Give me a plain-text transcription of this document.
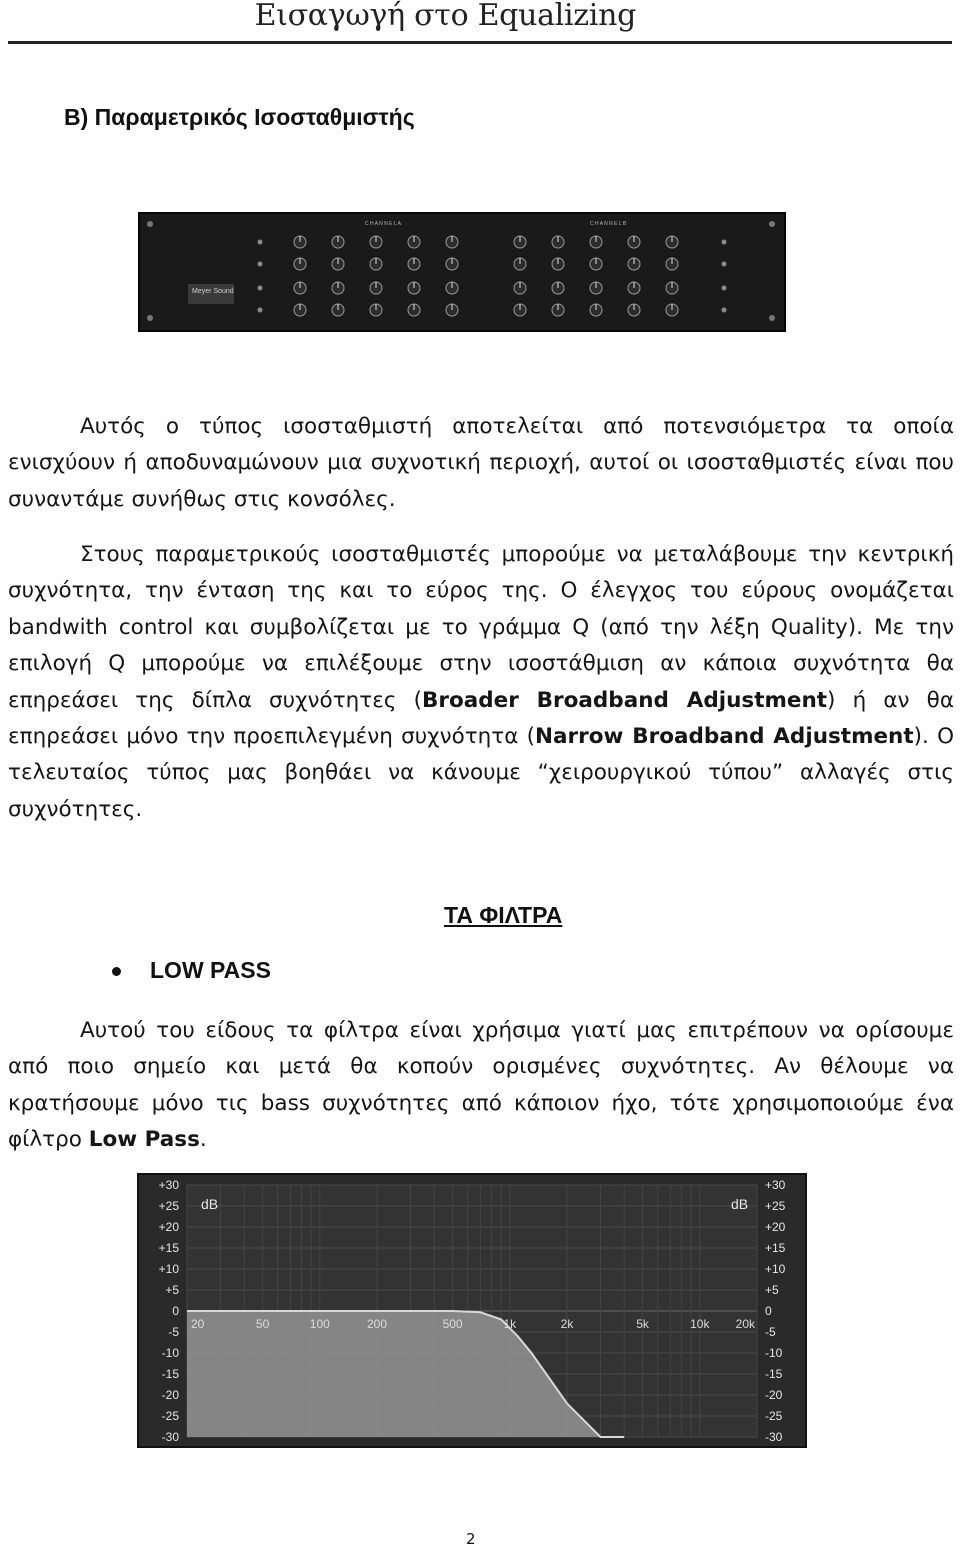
Εισαγωγή στο Equalizing
B) Παραμετρικός Ισοσταθμιστής
Meyer Sound
C H A N N E L A	C H A N N E L B

Αυτός ο τύπος ισοσταθμιστή αποτελείται από ποτενσιόμετρα τα οποία ενισχύουν ή αποδυναμώνουν μια συχνοτική περιοχή, αυτοί οι ισοσταθμιστές είναι που συναντάμε συνήθως στις κονσόλες.

Στους παραμετρικούς ισοσταθμιστές μπορούμε να μεταλάβουμε την κεντρική συχνότητα, την ένταση της και το εύρος της. Ο έλεγχος του εύρους ονομάζεται bandwith control και συμβολίζεται με το γράμμα Q (από την λέξη Quality). Με την επιλογή Q μπορούμε να επιλέξουμε στην ισοστάθμιση αν κάποια συχνότητα θα επηρεάσει της δίπλα συχνότητες (Broader Broadband Adjustment) ή αν θα επηρεάσει μόνο την προεπιλεγμένη συχνότητα (Narrow Broadband Adjustment). Ο τελευταίος τύπος μας βοηθάει να κάνουμε “χειρουργικού τύπου” αλλαγές στις συχνότητες.

ΤΑ ΦΙΛΤΡΑ
LOW PASS

Αυτού του είδους τα φίλτρα είναι χρήσιμα γιατί μας επιτρέπουν να ορίσουμε από ποιο σημείο και μετά θα κοπούν ορισμένες συχνότητες. Αν θέλουμε να κρατήσουμε μόνο τις bass συχνότητες από κάποιον ήχο, τότε χρησιμοποιούμε ένα φίλτρο Low Pass.

+30	+30
+25	+25
+20	+20
+15	+15
+10	+10
+5	+5
0	0
-5	-5
-10	-10
-15	-15
-20	-20
-25	-25
-30	-30
20	50	100	200	500	1k	2k	5k	10k 20k
dB	dB
2
